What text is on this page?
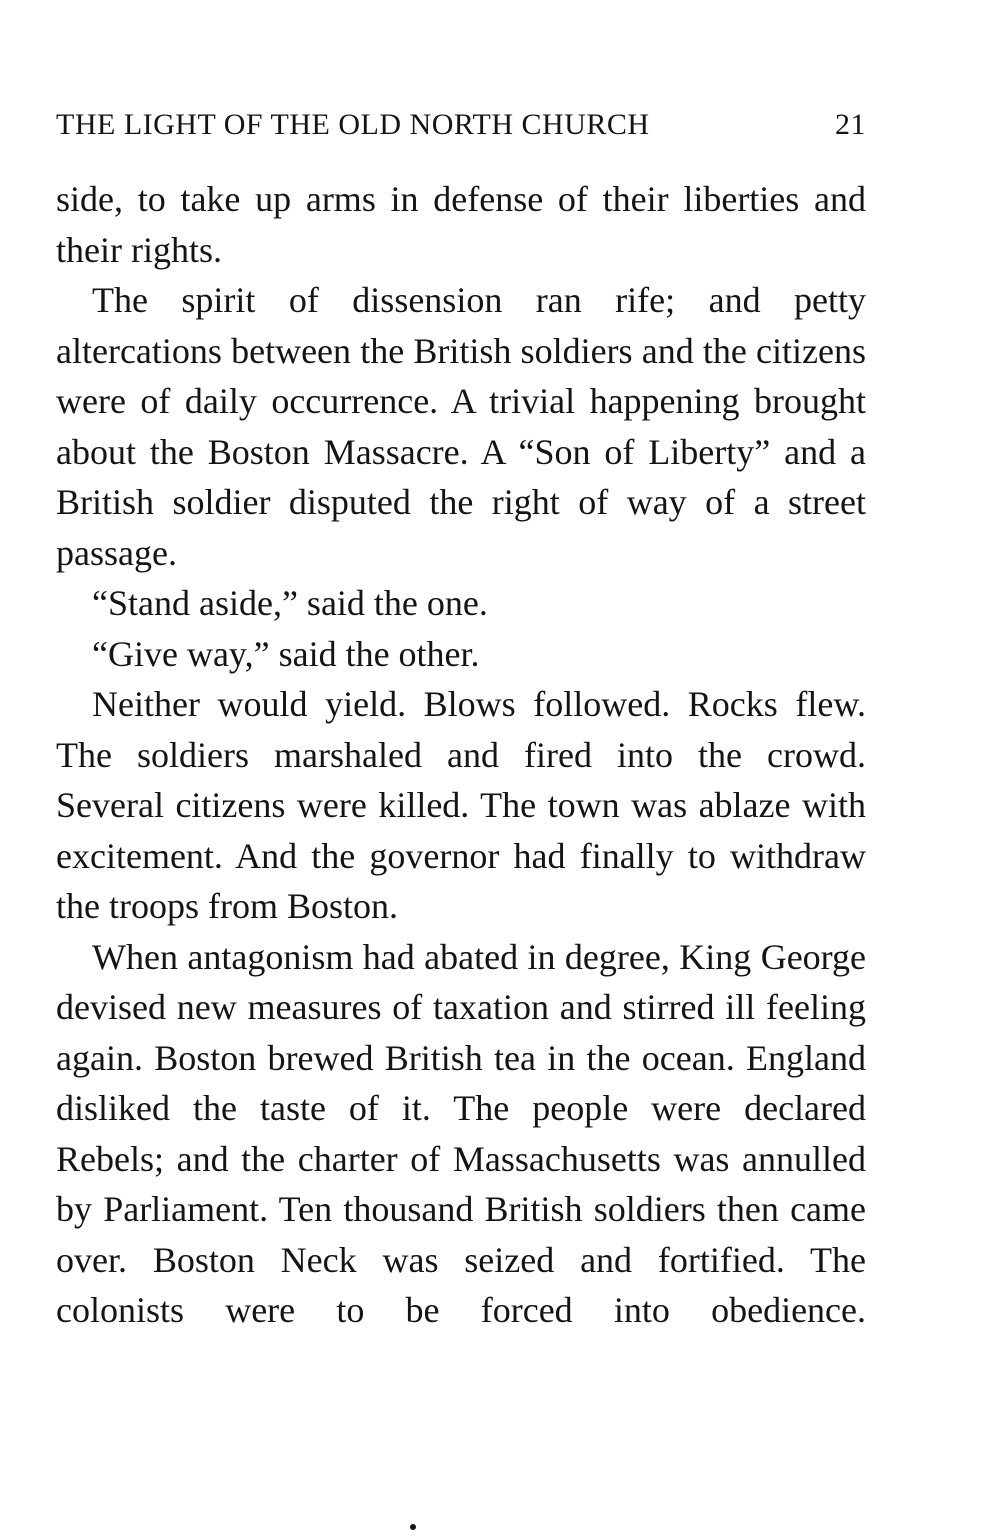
THE LIGHT OF THE OLD NORTH CHURCH	21

side, to take up arms in defense of their liberties and their rights.

The spirit of dissension ran rife; and petty altercations between the British soldiers and the citizens were of daily occurrence. A trivial happening brought about the Boston Massacre. A “Son of Liberty” and a British soldier disputed the right of way of a street passage.

“Stand aside,” said the one.

“Give way,” said the other.

Neither would yield. Blows followed. Rocks flew. The soldiers marshaled and fired into the crowd. Several citizens were killed. The town was ablaze with excitement. And the governor had finally to withdraw the troops from Boston.

When antagonism had abated in degree, King George devised new measures of taxation and stirred ill feeling again. Boston brewed British tea in the ocean. England disliked the taste of it. The people were declared Rebels; and the charter of Massachusetts was annulled by Parliament. Ten thousand British soldiers then came over. Boston Neck was seized and fortified. The colonists were to be forced into obedience.
